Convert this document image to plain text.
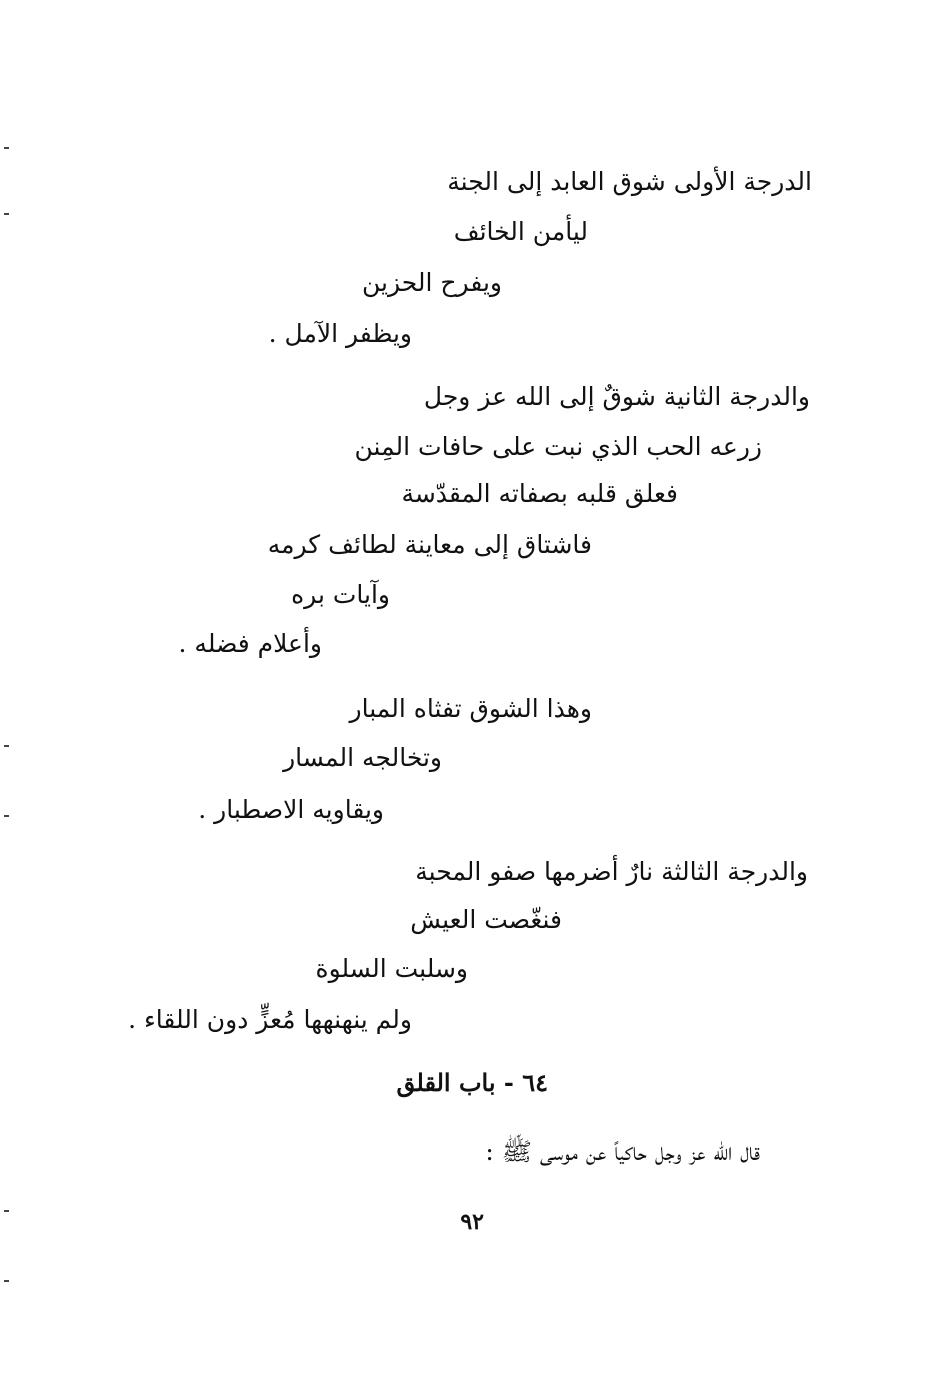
الدرجة الأولى شوق العابد إلى الجنة
ليأمن الخائف
ويفرح الحزين
ويظفر الآمل .
والدرجة الثانية شوقٌ إلى الله عز وجل
زرعه الحب الذي نبت على حافات المِنن
فعلق قلبه بصفاته المقدّسة
فاشتاق إلى معاينة لطائف كرمه
وآيات بره
وأعلام فضله .
وهذا الشوق تفثاه المبار
وتخالجه المسار
ويقاويه الاصطبار .
والدرجة الثالثة نارٌ أضرمها صفو المحبة
فنغّصت العيش
وسلبت السلوة
ولم ينهنهها مُعزٍّ دون اللقاء .
٦٤ - باب القلق
قال الله عز وجل حاكياً عن موسى ﷺ :
٩٢
